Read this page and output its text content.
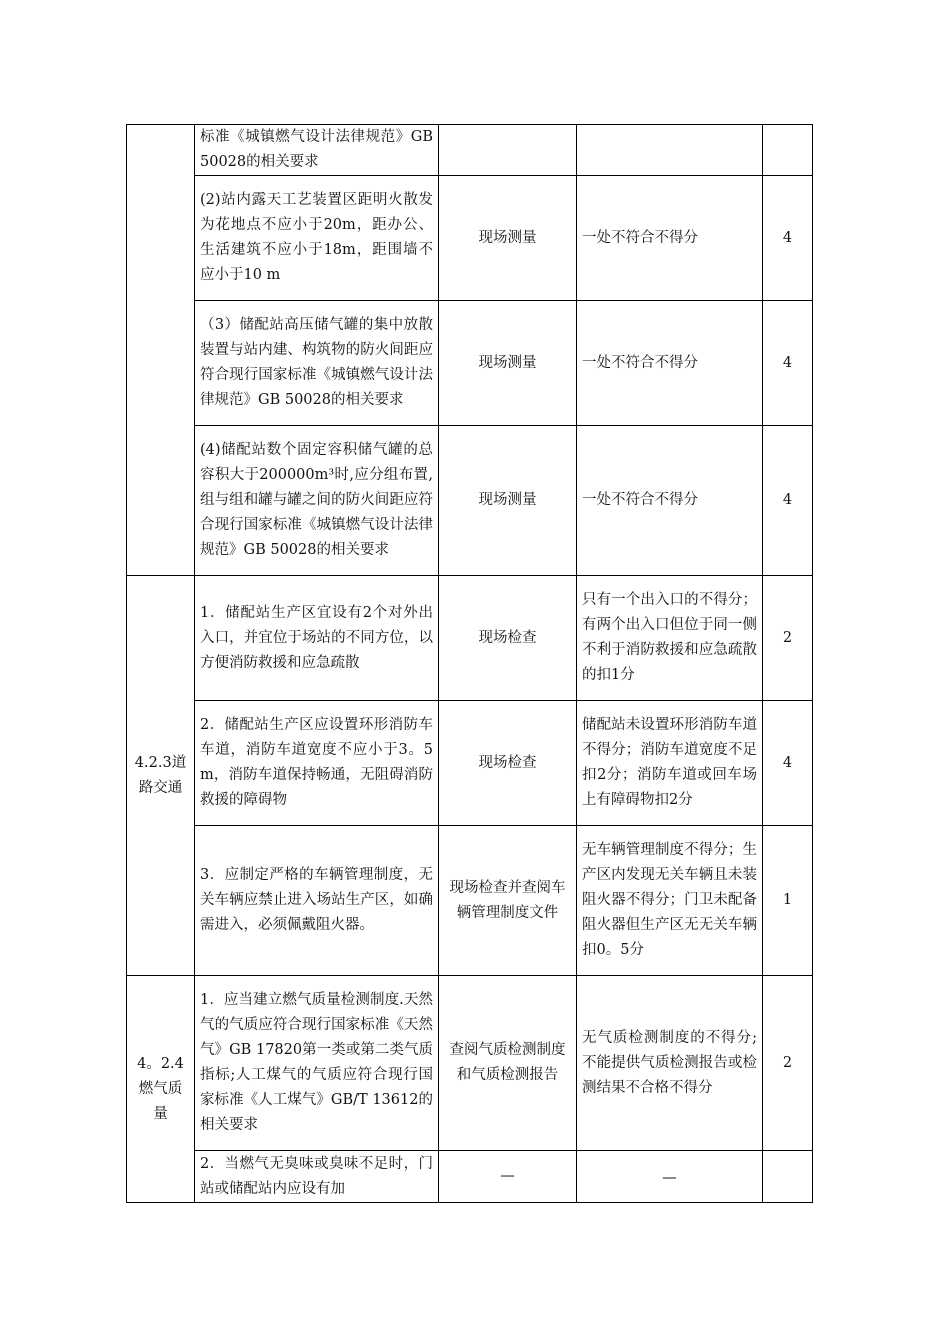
	标准《城镇燃气设计法律规范》GB 50028的相关要求			
	(2)站内露天工艺装置区距明火散发为花地点不应小于20m，距办公、生活建筑不应小于18m，距围墙不应小于10 m	现场测量	一处不符合不得分	4
	（3）储配站高压储气罐的集中放散装置与站内建、构筑物的防火间距应符合现行国家标准《城镇燃气设计法律规范》GB 50028的相关要求	现场测量	一处不符合不得分	4
	(4)储配站数个固定容积储气罐的总容积大于200000m³时,应分组布置,组与组和罐与罐之间的防火间距应符合现行国家标准《城镇燃气设计法律规范》GB 50028的相关要求	现场测量	一处不符合不得分	4
4.2.3道路交通	1．储配站生产区宜设有2个对外出入口，并宜位于场站的不同方位，以方便消防救援和应急疏散	现场检查	只有一个出入口的不得分；有两个出入口但位于同一侧不利于消防救援和应急疏散的扣1分	2
	2．储配站生产区应设置环形消防车车道，消防车道宽度不应小于3。5 m，消防车道保持畅通，无阻碍消防救援的障碍物	现场检查	储配站未设置环形消防车道不得分；消防车道宽度不足扣2分；消防车道或回车场上有障碍物扣2分	4
	3．应制定严格的车辆管理制度，无关车辆应禁止进入场站生产区，如确需进入，必须佩戴阻火器。	现场检查并查阅车辆管理制度文件	无车辆管理制度不得分；生产区内发现无关车辆且未装阻火器不得分；门卫未配备阻火器但生产区无无关车辆扣0。5分	1
4。2.4燃气质量	1．应当建立燃气质量检测制度.天然气的气质应符合现行国家标准《天然气》GB 17820第一类或第二类气质指标;人工煤气的气质应符合现行国家标准《人工煤气》GB/T 13612的相关要求	查阅气质检测制度和气质检测报告	无气质检测制度的不得分;不能提供气质检测报告或检测结果不合格不得分	2
	2．当燃气无臭味或臭味不足时，门站或储配站内应设有加	—	—	
